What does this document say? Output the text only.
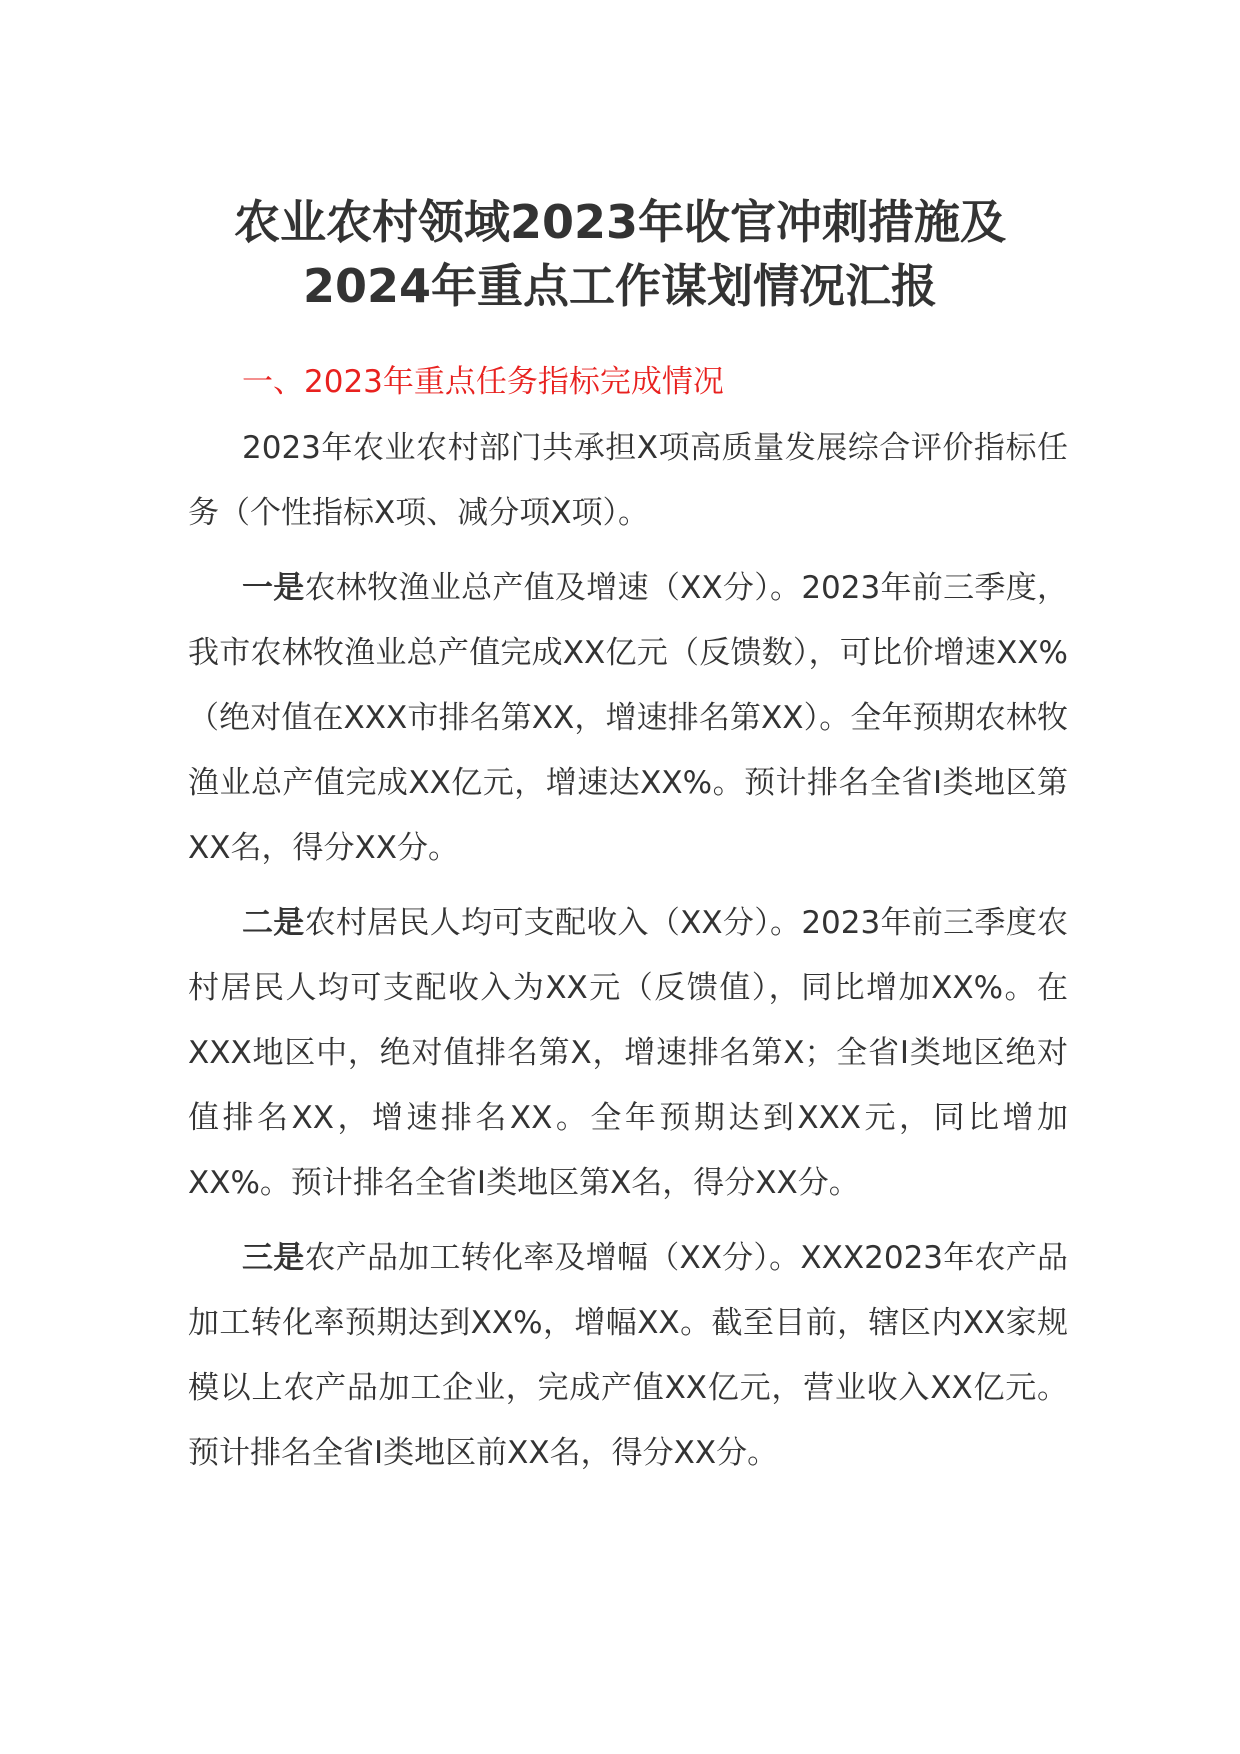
农业农村领域2023年收官冲刺措施及
2024年重点工作谋划情况汇报
一、2023年重点任务指标完成情况

2023年农业农村部门共承担X项高质量发展综合评价指标任务（个性指标X项、减分项X项）。

一是农林牧渔业总产值及增速（XX分）。2023年前三季度，我市农林牧渔业总产值完成XX亿元（反馈数），可比价增速XX%（绝对值在XXX市排名第XX，增速排名第XX）。全年预期农林牧渔业总产值完成XX亿元，增速达XX%。预计排名全省I类地区第XX名，得分XX分。

二是农村居民人均可支配收入（XX分）。2023年前三季度农村居民人均可支配收入为XX元（反馈值），同比增加XX%。在XXX地区中，绝对值排名第X，增速排名第X；全省I类地区绝对值排名XX，增速排名XX。全年预期达到XXX元，同比增加XX%。预计排名全省I类地区第X名，得分XX分。

三是农产品加工转化率及增幅（XX分）。XXX2023年农产品加工转化率预期达到XX%，增幅XX。截至目前，辖区内XX家规模以上农产品加工企业，完成产值XX亿元，营业收入XX亿元。预计排名全省I类地区前XX名，得分XX分。
